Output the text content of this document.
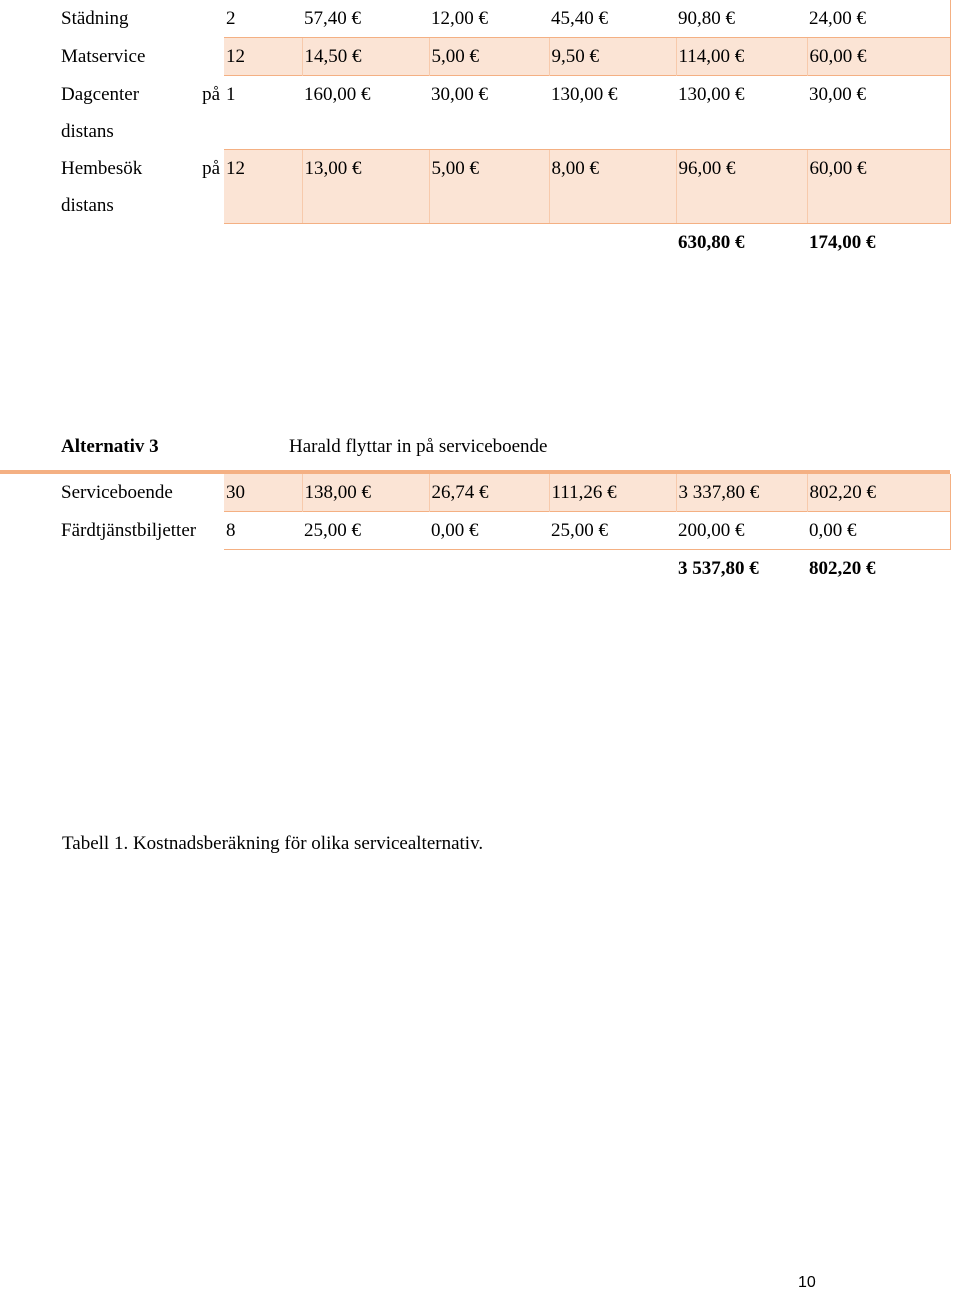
Städning	2	57,40 €	12,00 €	45,40 €	90,80 €	24,00 €
Matservice	12	14,50 €	5,00 €	9,50 €	114,00 €	60,00 €

Dagcenter på
distans	1	160,00 €	30,00 €	130,00 €	130,00 €	30,00 €

Hembesök på
distans	12	13,00 €	5,00 €	8,00 €	96,00 €	60,00 €
					630,80 €	174,00 €
Alternativ 3	Harald flyttar in på serviceboende
Serviceboende	30	138,00 €	26,74 €	111,26 €	3 337,80 €	802,20 €
Färdtjänstbiljetter	8	25,00 €	0,00 €	25,00 €	200,00 €	0,00 €
					3 537,80 €	802,20 €
Tabell 1. Kostnadsberäkning för olika servicealternativ.
10
